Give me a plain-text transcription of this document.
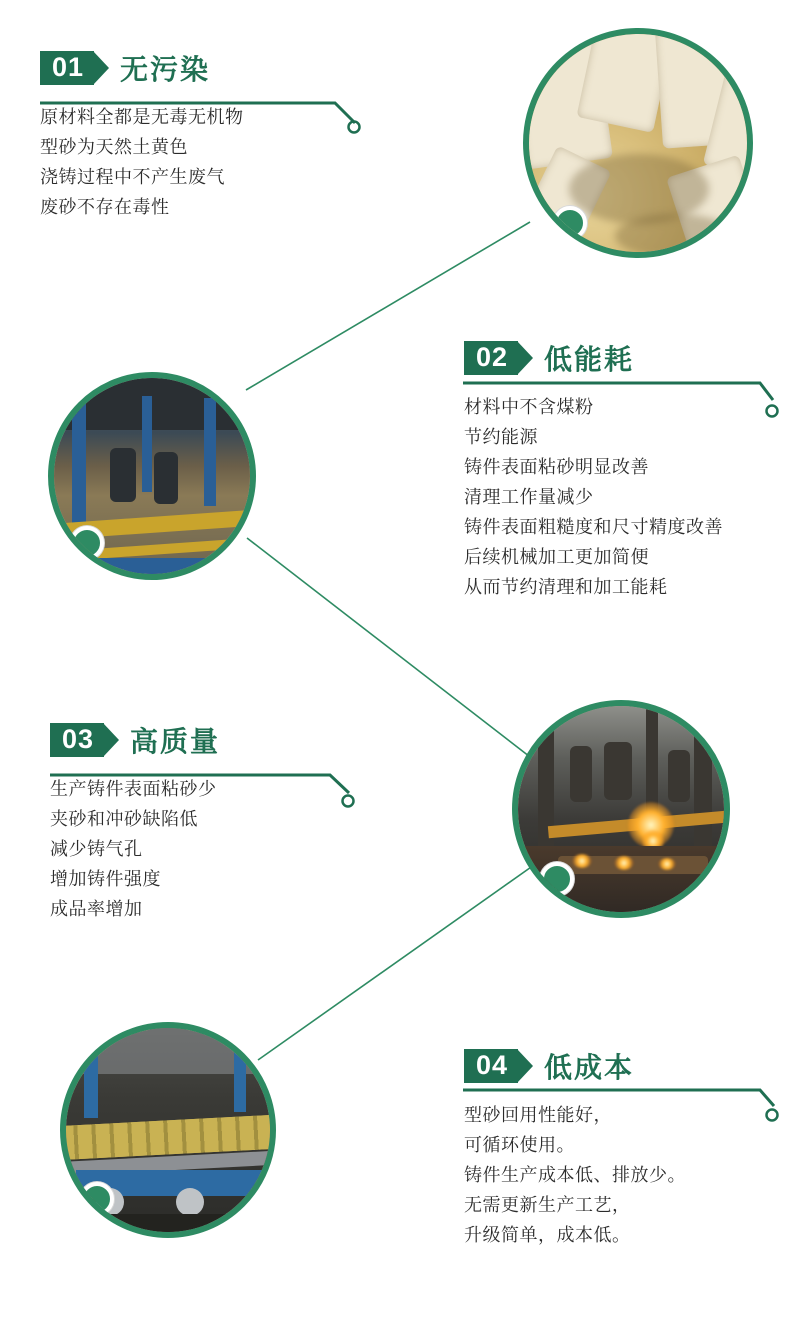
01	无污染
原材料全都是无毒无机物
型砂为天然土黄色
浇铸过程中不产生废气
废砂不存在毒性
02	低能耗
材料中不含煤粉
节约能源
铸件表面粘砂明显改善
清理工作量减少
铸件表面粗糙度和尺寸精度改善
后续机械加工更加简便
从而节约清理和加工能耗
03	高质量
生产铸件表面粘砂少
夹砂和冲砂缺陷低
减少铸气孔
增加铸件强度
成品率增加
04	低成本
型砂回用性能好，
可循环使用。
铸件生产成本低、排放少。
无需更新生产工艺，
升级简单，成本低。
